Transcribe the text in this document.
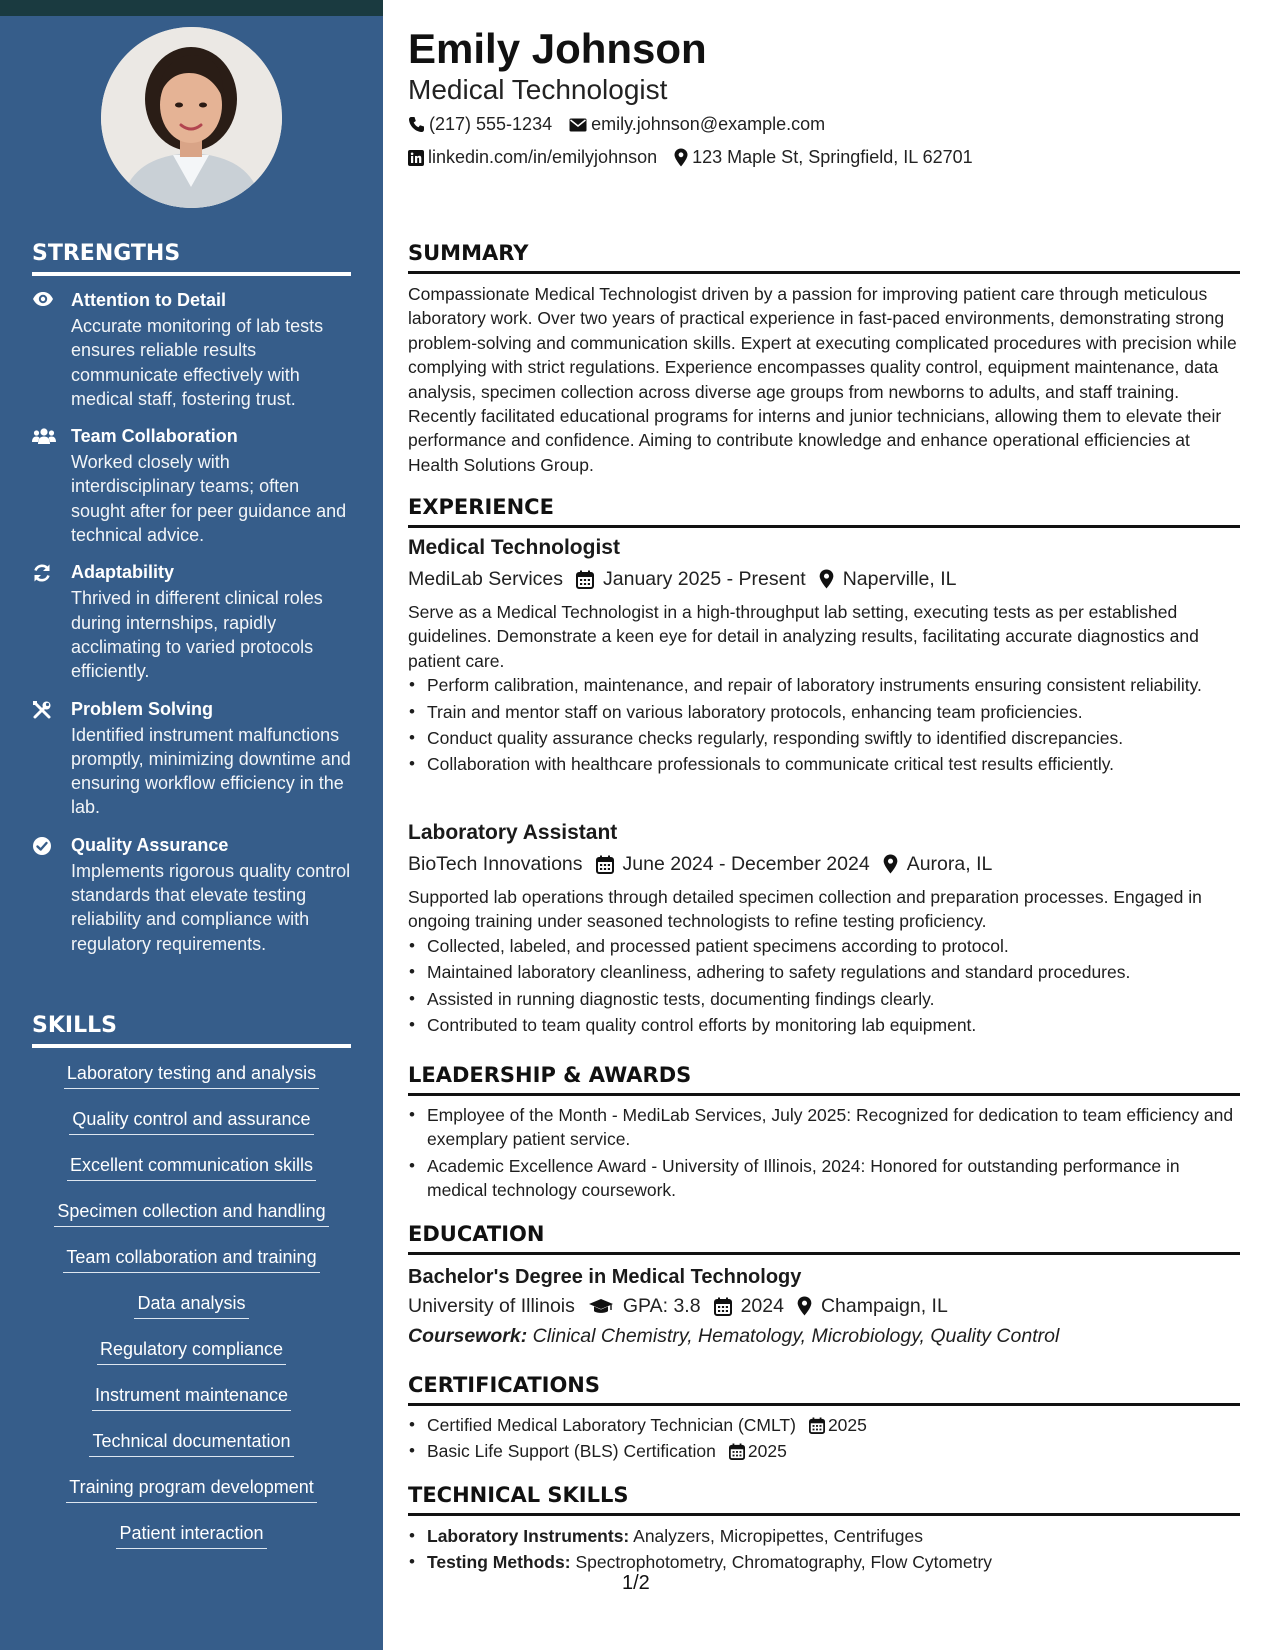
STRENGTHS
Attention to Detail
Accurate monitoring of lab tests ensures reliable results communicate effectively with medical staff, fostering trust.
Team Collaboration
Worked closely with interdisciplinary teams; often sought after for peer guidance and technical advice.
Adaptability
Thrived in different clinical roles during internships, rapidly acclimating to varied protocols efficiently.
Problem Solving
Identified instrument malfunctions promptly, minimizing downtime and ensuring workflow efficiency in the lab.
Quality Assurance
Implements rigorous quality control standards that elevate testing reliability and compliance with regulatory requirements.
SKILLS
Laboratory testing and analysis
Quality control and assurance
Excellent communication skills
Specimen collection and handling
Team collaboration and training
Data analysis
Regulatory compliance
Instrument maintenance
Technical documentation
Training program development
Patient interaction
Emily Johnson
Medical Technologist
(217) 555-1234 emily.johnson@example.com
linkedin.com/in/emilyjohnson 123 Maple St, Springfield, IL 62701
SUMMARY
Compassionate Medical Technologist driven by a passion for improving patient care through meticulous laboratory work. Over two years of practical experience in fast-paced environments, demonstrating strong problem-solving and communication skills. Expert at executing complicated procedures with precision while complying with strict regulations. Experience encompasses quality control, equipment maintenance, data analysis, specimen collection across diverse age groups from newborns to adults, and staff training. Recently facilitated educational programs for interns and junior technicians, allowing them to elevate their performance and confidence. Aiming to contribute knowledge and enhance operational efficiencies at Health Solutions Group.
EXPERIENCE
Medical Technologist
MediLab Services January 2025 - Present Naperville, IL
Serve as a Medical Technologist in a high-throughput lab setting, executing tests as per established guidelines. Demonstrate a keen eye for detail in analyzing results, facilitating accurate diagnostics and patient care.
• Perform calibration, maintenance, and repair of laboratory instruments ensuring consistent reliability.
• Train and mentor staff on various laboratory protocols, enhancing team proficiencies.
• Conduct quality assurance checks regularly, responding swiftly to identified discrepancies.
• Collaboration with healthcare professionals to communicate critical test results efficiently.
Laboratory Assistant
BioTech Innovations June 2024 - December 2024 Aurora, IL
Supported lab operations through detailed specimen collection and preparation processes. Engaged in ongoing training under seasoned technologists to refine testing proficiency.
• Collected, labeled, and processed patient specimens according to protocol.
• Maintained laboratory cleanliness, adhering to safety regulations and standard procedures.
• Assisted in running diagnostic tests, documenting findings clearly.
• Contributed to team quality control efforts by monitoring lab equipment.
LEADERSHIP & AWARDS
• Employee of the Month - MediLab Services, July 2025: Recognized for dedication to team efficiency and exemplary patient service.
• Academic Excellence Award - University of Illinois, 2024: Honored for outstanding performance in medical technology coursework.
EDUCATION
Bachelor's Degree in Medical Technology
University of Illinois GPA: 3.8 2024 Champaign, IL
Coursework: Clinical Chemistry, Hematology, Microbiology, Quality Control
CERTIFICATIONS
• Certified Medical Laboratory Technician (CMLT) 2025
• Basic Life Support (BLS) Certification 2025
TECHNICAL SKILLS
• Laboratory Instruments: Analyzers, Micropipettes, Centrifuges
• Testing Methods: Spectrophotometry, Chromatography, Flow Cytometry
1/2
